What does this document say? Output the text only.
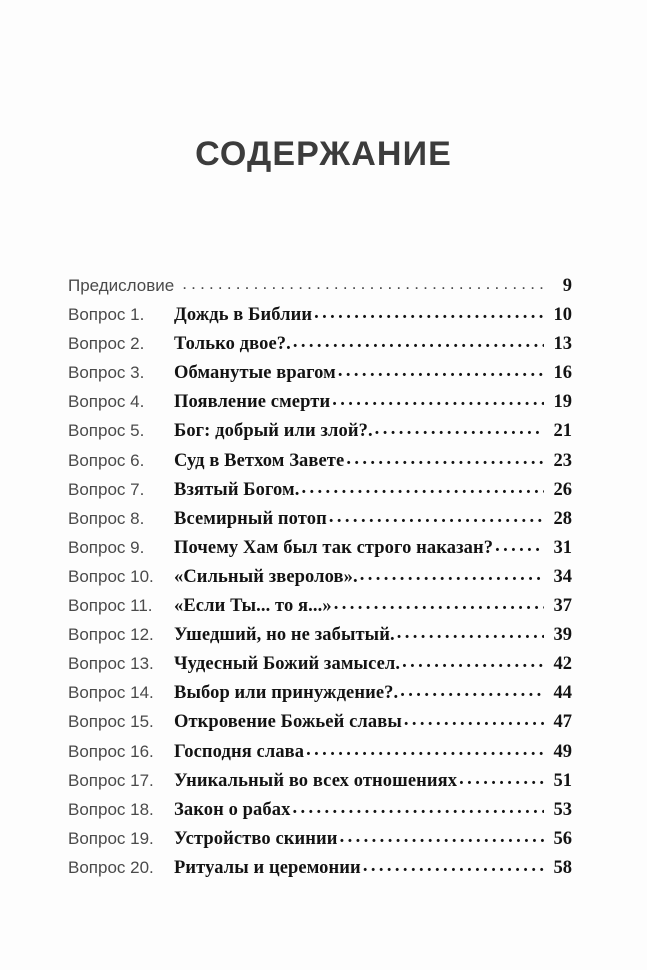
СОДЕРЖАНИЕ
Предисловие .....	9
Вопрос 1.	Дождь в Библии .....	10
Вопрос 2.	Только двое?. .....	13
Вопрос 3.	Обманутые врагом .....	16
Вопрос 4.	Появление смерти .....	19
Вопрос 5.	Бог: добрый или злой?. .....	21
Вопрос 6.	Суд в Ветхом Завете .....	23
Вопрос 7.	Взятый Богом. .....	26
Вопрос 8.	Всемирный потоп .....	28
Вопрос 9.	Почему Хам был так строго наказан? .....	31
Вопрос 10.	«Сильный зверолов». .....	34
Вопрос 11.	«Если Ты... то я...» .....	37
Вопрос 12.	Ушедший, но не забытый. .....	39
Вопрос 13.	Чудесный Божий замысел. .....	42
Вопрос 14.	Выбор или принуждение?. .....	44
Вопрос 15.	Откровение Божьей славы .....	47
Вопрос 16.	Господня слава .....	49
Вопрос 17.	Уникальный во всех отношениях .....	51
Вопрос 18.	Закон о рабах .....	53
Вопрос 19.	Устройство скинии .....	56
Вопрос 20.	Ритуалы и церемонии .....	58
